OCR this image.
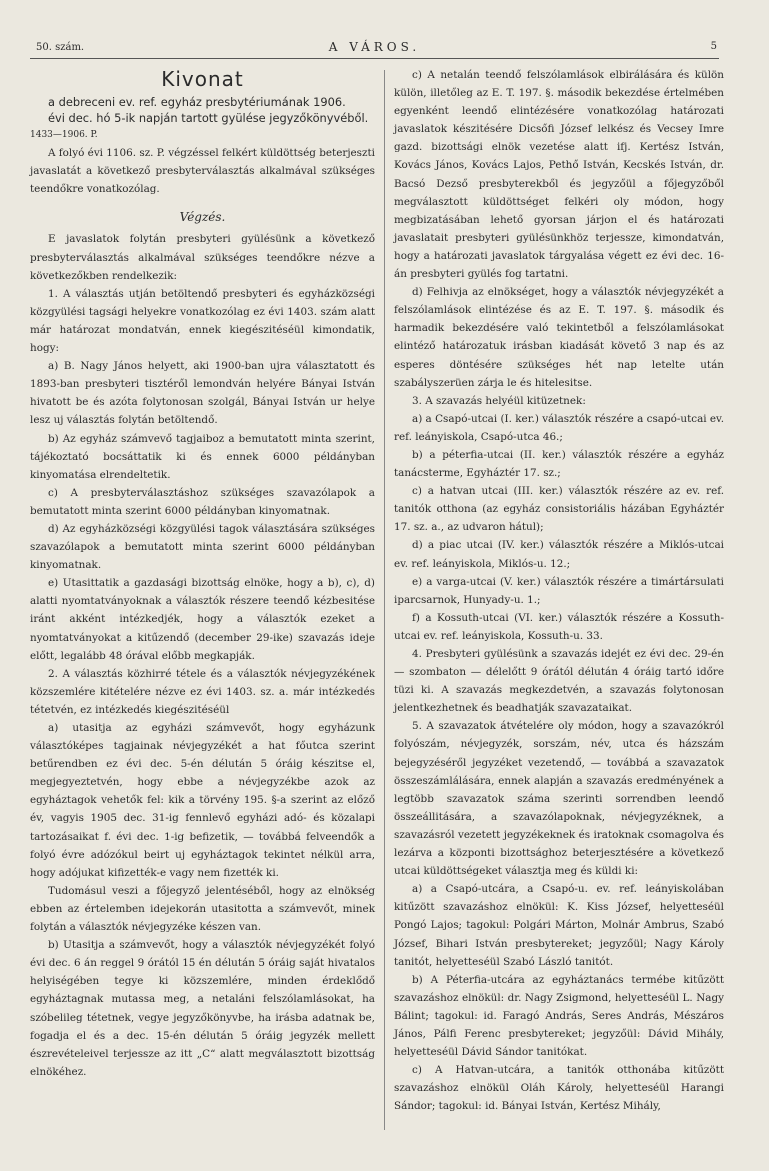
50. szám.	A VÁROS.	5
Kivonat

a debreceni ev. ref. egyház presbytériumának 1906.

évi dec. hó 5-ik napján tartott gyülése jegyzőkönyvéből.

1433—1906. P.

A folyó évi 1106. sz. P. végzéssel felkért küldöttség beterjeszti javaslatát a következő presbyterválasztás alkalmával szükséges teendőkre vonatkozólag.

Végzés.

E javaslatok folytán presbyteri gyülésünk a következő presbyterválasztás alkalmával szükséges teendőkre nézve a következőkben rendelkezik:

1. A választás utján betöltendő presbyteri és egyházközségi közgyülési tagsági helyekre vonatkozólag ez évi 1403. szám alatt már határozat mondatván, ennek kiegészitéséül kimondatik, hogy:

a) B. Nagy János helyett, aki 1900-ban ujra választatott és 1893-ban presbyteri tisztéről lemondván helyére Bányai István hivatott be és azóta folytonosan szolgál, Bányai István ur helye lesz uj választás folytán betöltendő.

b) Az egyház számvevő tagjaiboz a bemutatott minta szerint, tájékoztató bocsáttatik ki és ennek 6000 példányban kinyomatása elrendeltetik.

c) A presbyterválasztáshoz szükséges szavazólapok a bemutatott minta szerint 6000 példányban kinyomatnak.

d) Az egyházközségi közgyülési tagok választására szükséges szavazólapok a bemutatott minta szerint 6000 példányban kinyomatnak.

e) Utasittatik a gazdasági bizottság elnöke, hogy a b), c), d) alatti nyomtatványoknak a választók részere teendő kézbesitése iránt akként intézkedjék, hogy a választók ezeket a nyomtatványokat a kitűzendő (december 29-ike) szavazás ideje előtt, legalább 48 órával előbb megkapják.

2. A választás közhirré tétele és a választók névjegyzékének közszemlére kitételére nézve ez évi 1403. sz. a. már intézkedés tétetvén, ez intézkedés kiegészitéséül

a) utasitja az egyházi számvevőt, hogy egyházunk választóképes tagjainak névjegyzékét a hat főutca szerint betűrendben ez évi dec. 5-én délután 5 óráig készitse el, megjegyeztetvén, hogy ebbe a névjegyzékbe azok az egyháztagok vehetők fel: kik a törvény 195. §-a szerint az előző év, vagyis 1905 dec. 31-ig fennlevő egyházi adó- és közalapi tartozásaikat f. évi dec. 1-ig befizetik, — továbbá felveendők a folyó évre adózókul beirt uj egyháztagok tekintet nélkül arra, hogy adójukat kifizették-e vagy nem fizették ki.

Tudomásul veszi a főjegyző jelentéséből, hogy az elnökség ebben az értelemben idejekorán utasitotta a számvevőt, minek folytán a választók névjegyzéke készen van.

b) Utasitja a számvevőt, hogy a választók névjegyzékét folyó évi dec. 6 án reggel 9 órától 15 én délután 5 óráig saját hivatalos helyiségében tegye ki közszemlére, minden érdeklődő egyháztagnak mutassa meg, a netaláni felszólamlásokat, ha szóbelileg tétetnek, vegye jegyzőkönyvbe, ha irásba adatnak be, fogadja el és a dec. 15-én délután 5 óráig jegyzék mellett észrevételeivel terjessze az itt „C“ alatt megválasztott bizottság elnökéhez.

c) A netalán teendő felszólamlások elbirálására és külön külön, illetőleg az E. T. 197. §. második bekezdése értelmében egyenként leendő elintézésére vonatkozólag határozati javaslatok készitésére Dicsőfi József lelkész és Vecsey Imre gazd. bizottsági elnök vezetése alatt ifj. Kertész István, Kovács János, Kovács Lajos, Pethő István, Kecskés István, dr. Bacsó Dezső presbyterekből és jegyzőül a főjegyzőből megválasztott küldöttséget felkéri oly módon, hogy megbizatásában lehető gyorsan járjon el és határozati javaslatait presbyteri gyülésünkhöz terjessze, kimondatván, hogy a határozati javaslatok tárgyalása végett ez évi dec. 16-án presbyteri gyülés fog tartatni.

d) Felhivja az elnökséget, hogy a választók névjegyzékét a felszólamlások elintézése és az E. T. 197. §. második és harmadik bekezdésére való tekintetből a felszólamlásokat elintéző határozatuk irásban kiadását követő 3 nap és az esperes döntésére szükséges hét nap letelte után szabályszerüen zárja le és hitelesitse.

3. A szavazás helyéül kitüzetnek:

a) a Csapó-utcai (I. ker.) választók részére a csapó-utcai ev. ref. leányiskola, Csapó-utca 46.;

b) a péterfia-utcai (II. ker.) választók részére a egyház tanácsterme, Egyháztér 17. sz.;

c) a hatvan utcai (III. ker.) választók részére az ev. ref. tanitók otthona (az egyház consistoriális házában Egyháztér 17. sz. a., az udvaron hátul);

d) a piac utcai (IV. ker.) választók részére a Miklós-utcai ev. ref. leányiskola, Miklós-u. 12.;

e) a varga-utcai (V. ker.) választók részére a timártársulati iparcsarnok, Hunyady-u. 1.;

f) a Kossuth-utcai (VI. ker.) választók részére a Kossuth-utcai ev. ref. leányiskola, Kossuth-u. 33.

4. Presbyteri gyülésünk a szavazás idejét ez évi dec. 29-én — szombaton — délelőtt 9 órától délután 4 óráig tartó időre tüzi ki. A szavazás megkezdetvén, a szavazás folytonosan jelentkezhetnek és beadhatják szavazataikat.

5. A szavazatok átvételére oly módon, hogy a szavazókról folyószám, névjegyzék, sorszám, név, utca és házszám bejegyzéséről jegyzéket vezetendő, — továbbá a szavazatok összeszámlálására, ennek alapján a szavazás eredményének a legtöbb szavazatok száma szerinti sorrendben leendő összeállitására, a szavazólapoknak, névjegyzéknek, a szavazásról vezetett jegyzékeknek és iratoknak csomagolva és lezárva a központi bizottsághoz beterjesztésére a következő utcai küldöttségeket választja meg és küldi ki:

a) a Csapó-utcára, a Csapó-u. ev. ref. leányiskolában kitűzött szavazáshoz elnökül: K. Kiss József, helyetteséül Pongó Lajos; tagokul: Polgári Márton, Molnár Ambrus, Szabó József, Bihari István presbytereket; jegyzőül; Nagy Károly tanitót, helyetteséül Szabó László tanitót.

b) A Péterfia-utcára az egyháztanács termébe kitűzött szavazáshoz elnökül: dr. Nagy Zsigmond, helyetteséül L. Nagy Bálint; tagokul: id. Faragó András, Seres András, Mészáros János, Pálfi Ferenc presbytereket; jegyzőül: Dávid Mihály, helyetteséül Dávid Sándor tanitókat.

c) A Hatvan-utcára, a tanitók otthonába kitűzött szavazáshoz elnökül Oláh Károly, helyetteséül Harangi Sándor; tagokul: id. Bányai István, Kertész Mihály,
